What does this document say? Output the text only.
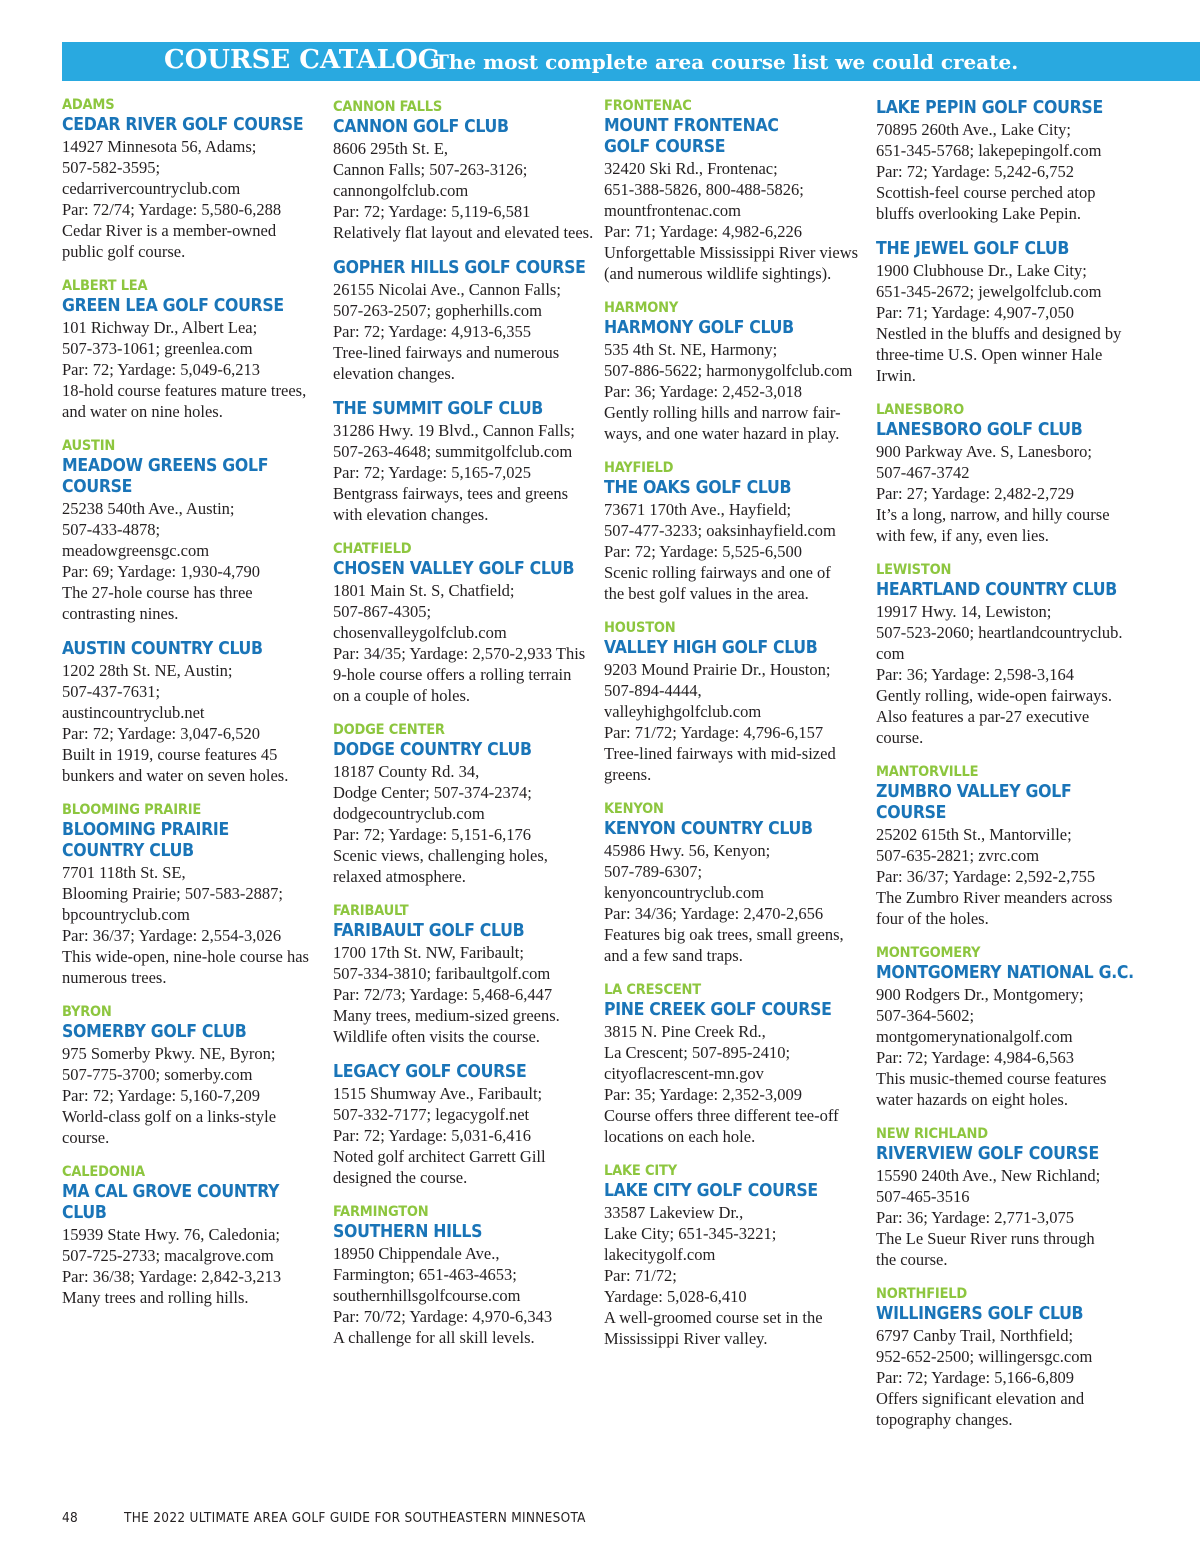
COURSE CATALOG
The most complete area course list we could create.
ADAMS
CEDAR RIVER GOLF COURSE
14927 Minnesota 56, Adams;
507-582-3595;
cedarrivercountryclub.com
Par: 72/74; Yardage: 5,580-6,288
Cedar River is a member-owned
public golf course.
ALBERT LEA
GREEN LEA GOLF COURSE
101 Richway Dr., Albert Lea;
507-373-1061; greenlea.com
Par: 72; Yardage: 5,049-6,213
18-hold course features mature trees,
and water on nine holes.
AUSTIN
MEADOW GREENS GOLF
COURSE
25238 540th Ave., Austin;
507-433-4878;
meadowgreensgc.com
Par: 69; Yardage: 1,930-4,790
The 27-hole course has three
contrasting nines.
AUSTIN COUNTRY CLUB
1202 28th St. NE, Austin;
507-437-7631;
austincountryclub.net
Par: 72; Yardage: 3,047-6,520
Built in 1919, course features 45
bunkers and water on seven holes.
BLOOMING PRAIRIE
BLOOMING PRAIRIE
COUNTRY CLUB
7701 118th St. SE,
Blooming Prairie; 507-583-2887;
bpcountryclub.com
Par: 36/37; Yardage: 2,554-3,026
This wide-open, nine-hole course has
numerous trees.
BYRON
SOMERBY GOLF CLUB
975 Somerby Pkwy. NE, Byron;
507-775-3700; somerby.com
Par: 72; Yardage: 5,160-7,209
World-class golf on a links-style
course.
CALEDONIA
MA CAL GROVE COUNTRY
CLUB
15939 State Hwy. 76, Caledonia;
507-725-2733; macalgrove.com
Par: 36/38; Yardage: 2,842-3,213
Many trees and rolling hills.
CANNON FALLS
CANNON GOLF CLUB
8606 295th St. E,
Cannon Falls; 507-263-3126;
cannongolfclub.com
Par: 72; Yardage: 5,119-6,581
Relatively flat layout and elevated tees.
GOPHER HILLS GOLF COURSE
26155 Nicolai Ave., Cannon Falls;
507-263-2507; gopherhills.com
Par: 72; Yardage: 4,913-6,355
Tree-lined fairways and numerous
elevation changes.
THE SUMMIT GOLF CLUB
31286 Hwy. 19 Blvd., Cannon Falls;
507-263-4648; summitgolfclub.com
Par: 72; Yardage: 5,165-7,025
Bentgrass fairways, tees and greens
with elevation changes.
CHATFIELD
CHOSEN VALLEY GOLF CLUB
1801 Main St. S, Chatfield;
507-867-4305;
chosenvalleygolfclub.com
Par: 34/35; Yardage: 2,570-2,933 This
9-hole course offers a rolling terrain
on a couple of holes.
DODGE CENTER
DODGE COUNTRY CLUB
18187 County Rd. 34,
Dodge Center; 507-374-2374;
dodgecountryclub.com
Par: 72; Yardage: 5,151-6,176
Scenic views, challenging holes,
relaxed atmosphere.
FARIBAULT
FARIBAULT GOLF CLUB
1700 17th St. NW, Faribault;
507-334-3810; faribaultgolf.com
Par: 72/73; Yardage: 5,468-6,447
Many trees, medium-sized greens.
Wildlife often visits the course.
LEGACY GOLF COURSE
1515 Shumway Ave., Faribault;
507-332-7177; legacygolf.net
Par: 72; Yardage: 5,031-6,416
Noted golf architect Garrett Gill
designed the course.
FARMINGTON
SOUTHERN HILLS
18950 Chippendale Ave.,
Farmington; 651-463-4653;
southernhillsgolfcourse.com
Par: 70/72; Yardage: 4,970-6,343
A challenge for all skill levels.
FRONTENAC
MOUNT FRONTENAC
GOLF COURSE
32420 Ski Rd., Frontenac;
651-388-5826, 800-488-5826;
mountfrontenac.com
Par: 71; Yardage: 4,982-6,226
Unforgettable Mississippi River views
(and numerous wildlife sightings).
HARMONY
HARMONY GOLF CLUB
535 4th St. NE, Harmony;
507-886-5622; harmonygolfclub.com
Par: 36; Yardage: 2,452-3,018
Gently rolling hills and narrow fair-
ways, and one water hazard in play.
HAYFIELD
THE OAKS GOLF CLUB
73671 170th Ave., Hayfield;
507-477-3233; oaksinhayfield.com
Par: 72; Yardage: 5,525-6,500
Scenic rolling fairways and one of
the best golf values in the area.
HOUSTON
VALLEY HIGH GOLF CLUB
9203 Mound Prairie Dr., Houston;
507-894-4444,
valleyhighgolfclub.com
Par: 71/72; Yardage: 4,796-6,157
Tree-lined fairways with mid-sized
greens.
KENYON
KENYON COUNTRY CLUB
45986 Hwy. 56, Kenyon;
507-789-6307;
kenyoncountryclub.com
Par: 34/36; Yardage: 2,470-2,656
Features big oak trees, small greens,
and a few sand traps.
LA CRESCENT
PINE CREEK GOLF COURSE
3815 N. Pine Creek Rd.,
La Crescent; 507-895-2410;
cityoflacrescent-mn.gov
Par: 35; Yardage: 2,352-3,009
Course offers three different tee-off
locations on each hole.
LAKE CITY
LAKE CITY GOLF COURSE
33587 Lakeview Dr.,
Lake City; 651-345-3221;
lakecitygolf.com
Par: 71/72;
Yardage: 5,028-6,410
A well-groomed course set in the
Mississippi River valley.
LAKE PEPIN GOLF COURSE
70895 260th Ave., Lake City;
651-345-5768; lakepepingolf.com
Par: 72; Yardage: 5,242-6,752
Scottish-feel course perched atop
bluffs overlooking Lake Pepin.
THE JEWEL GOLF CLUB
1900 Clubhouse Dr., Lake City;
651-345-2672; jewelgolfclub.com
Par: 71; Yardage: 4,907-7,050
Nestled in the bluffs and designed by
three-time U.S. Open winner Hale
Irwin.
LANESBORO
LANESBORO GOLF CLUB
900 Parkway Ave. S, Lanesboro;
507-467-3742
Par: 27; Yardage: 2,482-2,729
It’s a long, narrow, and hilly course
with few, if any, even lies.
LEWISTON
HEARTLAND COUNTRY CLUB
19917 Hwy. 14, Lewiston;
507-523-2060; heartlandcountryclub.
com
Par: 36; Yardage: 2,598-3,164
Gently rolling, wide-open fairways.
Also features a par-27 executive
course.
MANTORVILLE
ZUMBRO VALLEY GOLF
COURSE
25202 615th St., Mantorville;
507-635-2821; zvrc.com
Par: 36/37; Yardage: 2,592-2,755
The Zumbro River meanders across
four of the holes.
MONTGOMERY
MONTGOMERY NATIONAL G.C.
900 Rodgers Dr., Montgomery;
507-364-5602;
montgomerynationalgolf.com
Par: 72; Yardage: 4,984-6,563
This music-themed course features
water hazards on eight holes.
NEW RICHLAND
RIVERVIEW GOLF COURSE
15590 240th Ave., New Richland;
507-465-3516
Par: 36; Yardage: 2,771-3,075
The Le Sueur River runs through
the course.
NORTHFIELD
WILLINGERS GOLF CLUB
6797 Canby Trail, Northfield;
952-652-2500; willingersgc.com
Par: 72; Yardage: 5,166-6,809
Offers significant elevation and
topography changes.
48	THE 2022 ULTIMATE AREA GOLF GUIDE FOR SOUTHEASTERN MINNESOTA
